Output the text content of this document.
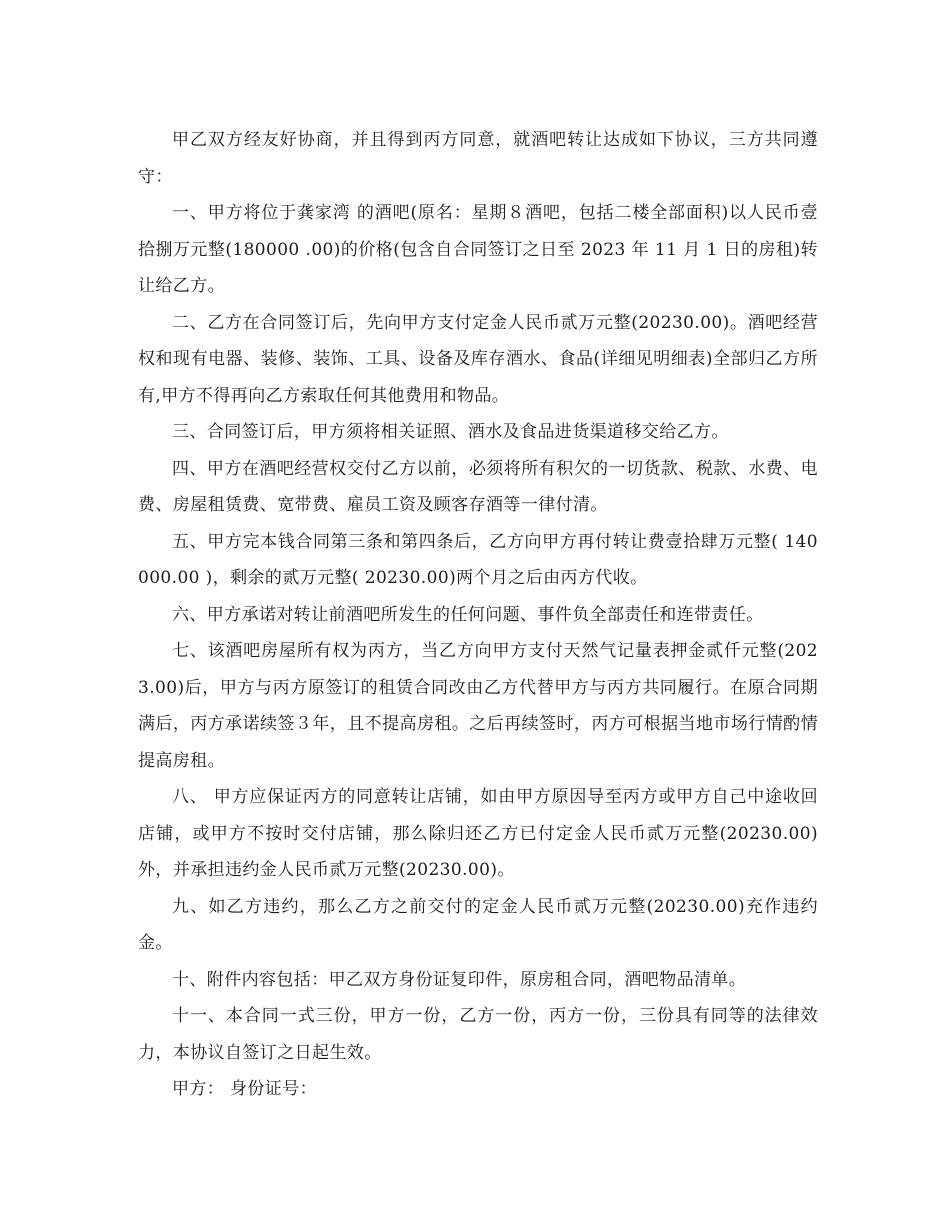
甲乙双方经友好协商，并且得到丙方同意，就酒吧转让达成如下协议，三方共同遵守：

一、甲方将位于龚家湾 的酒吧(原名：星期８酒吧，包括二楼全部面积)以人民币壹拾捌万元整(180000 .00)的价格(包含自合同签订之日至 2023 年 11 月 1 日的房租)转让给乙方。

二、乙方在合同签订后，先向甲方支付定金人民币贰万元整(20230.00)。酒吧经营权和现有电器、装修、装饰、工具、设备及库存酒水、食品(详细见明细表)全部归乙方所有,甲方不得再向乙方索取任何其他费用和物品。

三、合同签订后，甲方须将相关证照、酒水及食品进货渠道移交给乙方。

四、甲方在酒吧经营权交付乙方以前，必须将所有积欠的一切货款、税款、水费、电费、房屋租赁费、宽带费、雇员工资及顾客存酒等一律付清。

五、甲方完本钱合同第三条和第四条后，乙方向甲方再付转让费壹拾肆万元整( 140000.00 )，剩余的贰万元整( 20230.00)两个月之后由丙方代收。

六、甲方承诺对转让前酒吧所发生的任何问题、事件负全部责任和连带责任。

七、该酒吧房屋所有权为丙方，当乙方向甲方支付天然气记量表押金贰仟元整(2023.00)后，甲方与丙方原签订的租赁合同改由乙方代替甲方与丙方共同履行。在原合同期满后，丙方承诺续签３年，且不提高房租。之后再续签时，丙方可根据当地市场行情酌情提高房租。

八、 甲方应保证丙方的同意转让店铺，如由甲方原因导至丙方或甲方自己中途收回店铺，或甲方不按时交付店铺，那么除归还乙方已付定金人民币贰万元整(20230.00)外，并承担违约金人民币贰万元整(20230.00)。

九、如乙方违约，那么乙方之前交付的定金人民币贰万元整(20230.00)充作违约金。

十、附件内容包括：甲乙双方身份证复印件，原房租合同，酒吧物品清单。

十一、本合同一式三份，甲方一份，乙方一份，丙方一份，三份具有同等的法律效力，本协议自签订之日起生效。

甲方： 身份证号：
